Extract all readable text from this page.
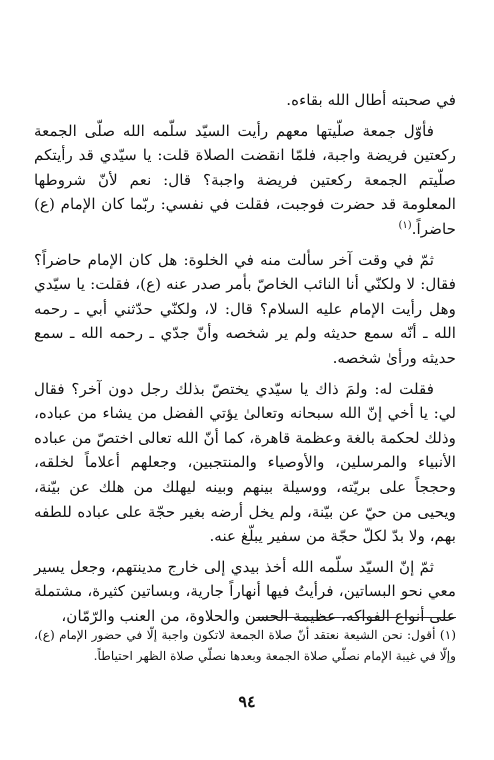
في صحبته أطال الله بقاءه.

فأوّل جمعة صلّيتها معهم رأيت السيّد سلّمه الله صلّى الجمعة ركعتين فريضة واجبة، فلمّا انقضت الصلاة قلت: يا سيّدي قد رأيتكم صلّيتم الجمعة ركعتين فريضة واجبة؟ قال: نعم لأنّ شروطها المعلومة قد حضرت فوجبت، فقلت في نفسي: ربّما كان الإمام (ع) حاضراً.$^{(١)}$

ثمّ في وقت آخر سألت منه في الخلوة: هل كان الإمام حاضراً؟ فقال: لا ولكنّي أنا النائب الخاصّ بأمر صدر عنه (ع)، فقلت: يا سيّدي وهل رأيت الإمام عليه السلام؟ قال: لا، ولكنّي حدّثني أبي ـ رحمه الله ـ أنّه سمع حديثه ولم ير شخصه وأنّ جدّي ـ رحمه الله ـ سمع حديثه ورأىٰ شخصه.

فقلت له: ولمَ ذاك يا سيّدي يختصّ بذلك رجل دون آخر؟ فقال لي: يا أخي إنّ الله سبحانه وتعالىٰ يؤتي الفضل من يشاء من عباده، وذلك لحكمة بالغة وعظمة قاهرة، كما أنّ الله تعالى اختصّ من عباده الأنبياء والمرسلين، والأوصياء والمنتجبين، وجعلهم أعلاماً لخلقه، وحججاً على بريّته، ووسيلة بينهم وبينه ليهلك من هلك عن بيّنة، ويحيى من حيّ عن بيّنة، ولم يخل أرضه بغير حجّة على عباده للطفه بهم، ولا بدّ لكلّ حجّة من سفير يبلّغ عنه.

ثمّ إنّ السيّد سلّمه الله أخذ بيدي إلى خارج مدينتهم، وجعل يسير معي نحو البساتين، فرأيتُ فيها أنهاراً جارية، وبساتين كثيرة، مشتملة على أنواع الفواكه، عظيمة الحسن والحلاوة، من العنب والرّمّان،

(١) أقول: نحن الشيعة نعتقد أنّ صلاة الجمعة لاتكون واجبة إلّا في حضور الإمام (ع)، وإلّا في غيبة الإمام نصلّي صلاة الجمعة وبعدها نصلّي صلاة الظهر احتياطاً.

٩٤
